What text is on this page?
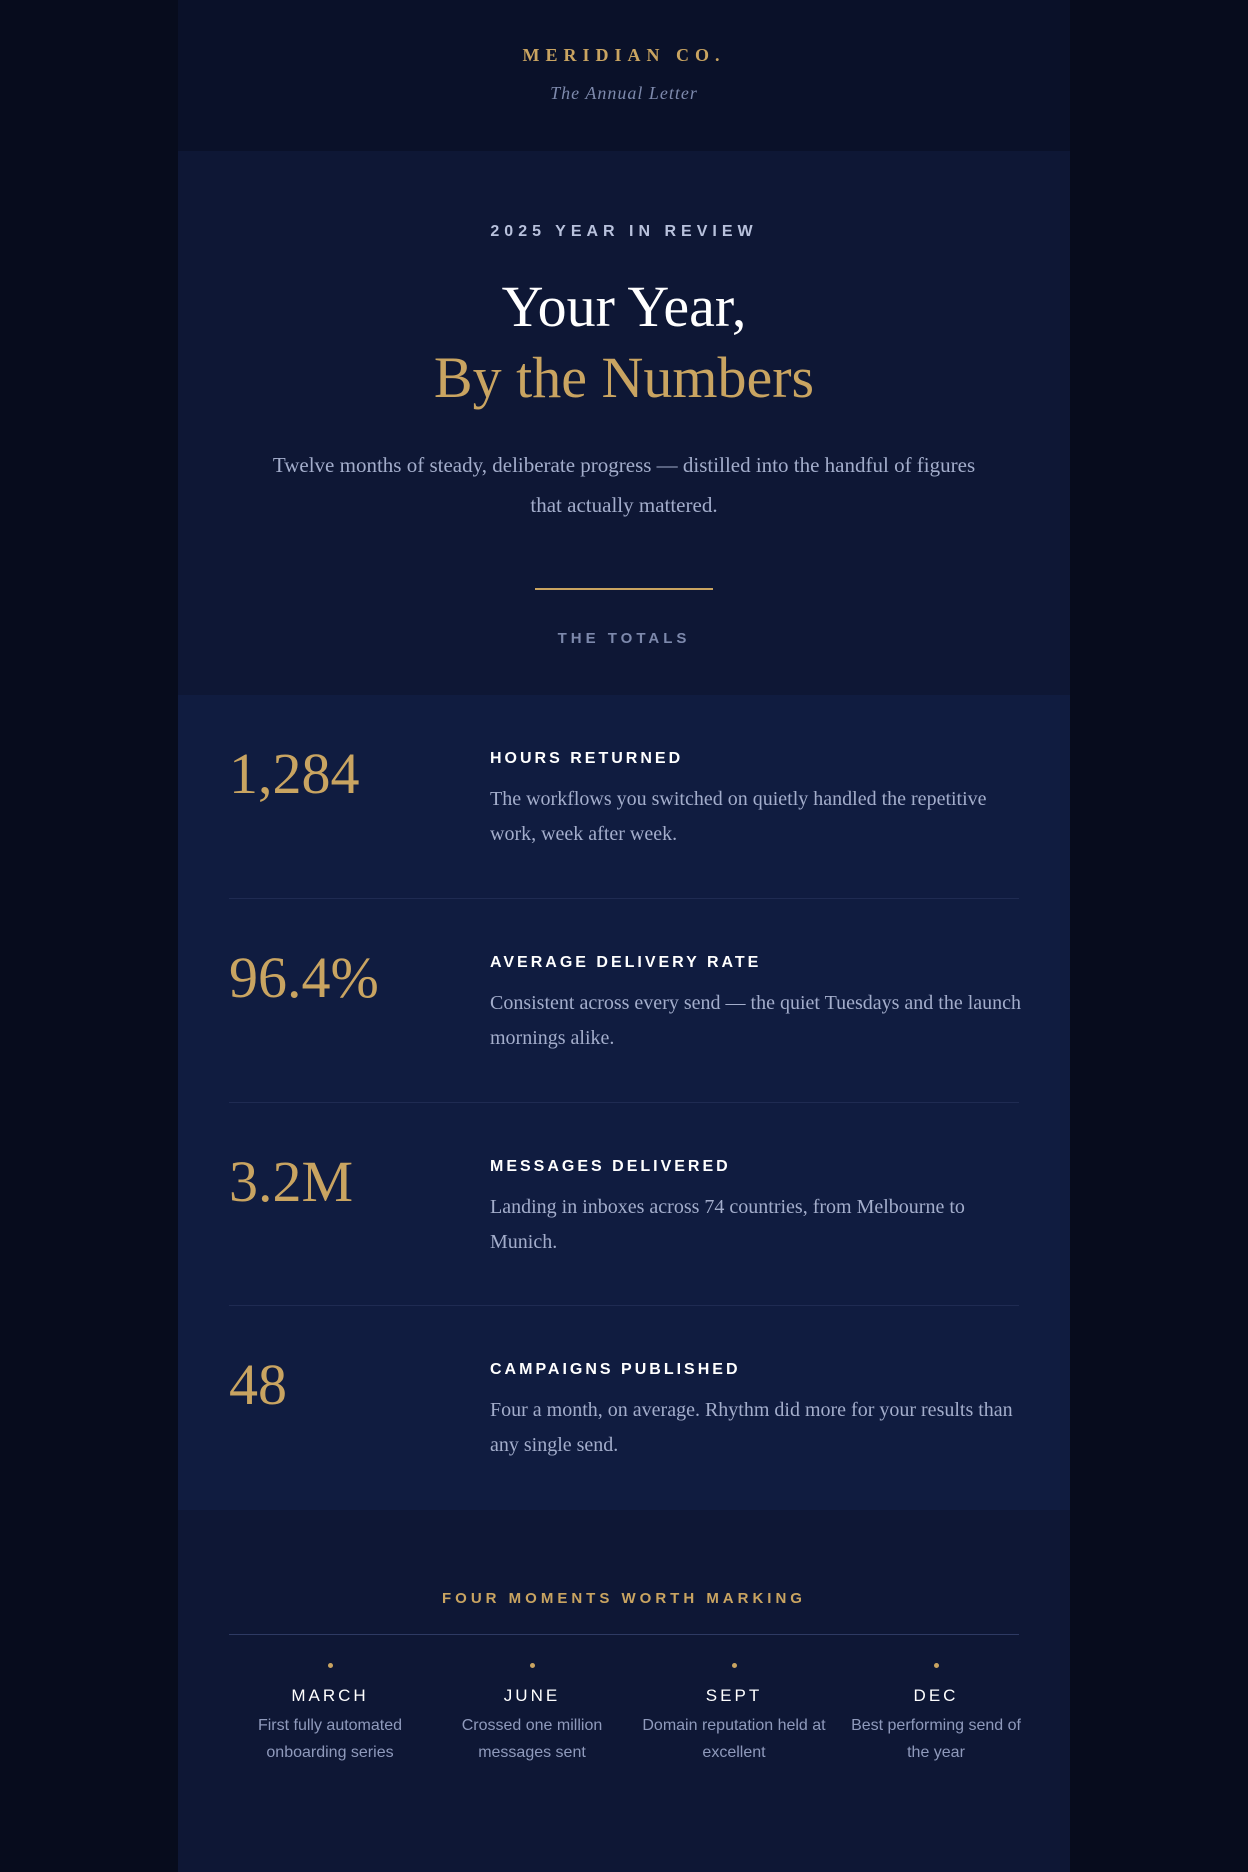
MERIDIAN CO.
The Annual Letter
2025 YEAR IN REVIEW
Your Year,
By the Numbers
Twelve months of steady, deliberate progress — distilled into the handful of figures that actually mattered.
THE TOTALS
1,284	HOURS RETURNED
The workflows you switched on quietly handled the repetitive work, week after week.
96.4%	AVERAGE DELIVERY RATE
Consistent across every send — the quiet Tuesdays and the launch mornings alike.
3.2M	MESSAGES DELIVERED
Landing in inboxes across 74 countries, from Melbourne to Munich.
48	CAMPAIGNS PUBLISHED
Four a month, on average. Rhythm did more for your results than any single send.
FOUR MOMENTS WORTH MARKING
MARCH
First fully automated onboarding series
JUNE
Crossed one million messages sent
SEPT
Domain reputation held at excellent
DEC
Best performing send of the year
